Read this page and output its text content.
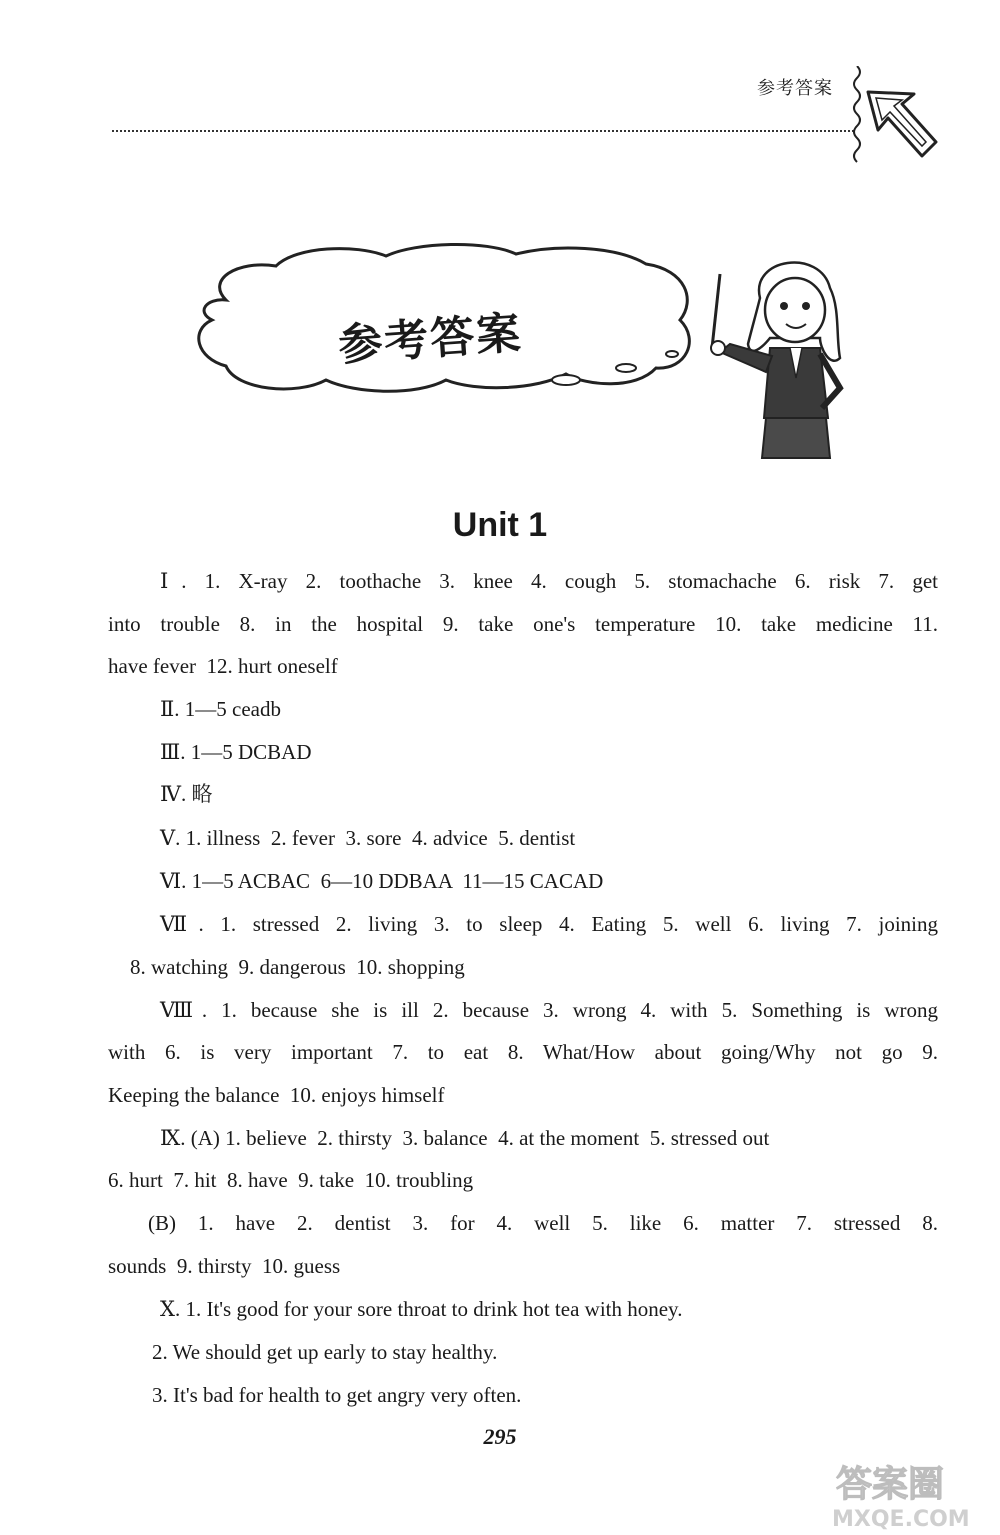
参考答案
参考答案
Unit 1
Ⅰ. 1. X-ray 2. toothache 3. knee 4. cough 5. stomachache 6. risk 7. get
into trouble 8. in the hospital 9. take one's temperature 10. take medicine 11.
have fever  12. hurt oneself
Ⅱ. 1—5 ceadb
Ⅲ. 1—5 DCBAD
Ⅳ. 略
Ⅴ. 1. illness  2. fever  3. sore  4. advice  5. dentist
Ⅵ. 1—5 ACBAC  6—10 DDBAA  11—15 CACAD
Ⅶ. 1. stressed 2. living 3. to sleep 4. Eating 5. well 6. living 7. joining
8. watching  9. dangerous  10. shopping
Ⅷ. 1. because she is ill 2. because 3. wrong 4. with 5. Something is wrong
with 6. is very important 7. to eat 8. What/How about going/Why not go 9.
Keeping the balance  10. enjoys himself
Ⅸ. (A) 1. believe  2. thirsty  3. balance  4. at the moment  5. stressed out
6. hurt  7. hit  8. have  9. take  10. troubling
(B) 1. have 2. dentist 3. for 4. well 5. like 6. matter 7. stressed 8.
sounds  9. thirsty  10. guess
Ⅹ. 1. It's good for your sore throat to drink hot tea with honey.
2. We should get up early to stay healthy.
3. It's bad for health to get angry very often.
295
答案圈
MXQE.COM
